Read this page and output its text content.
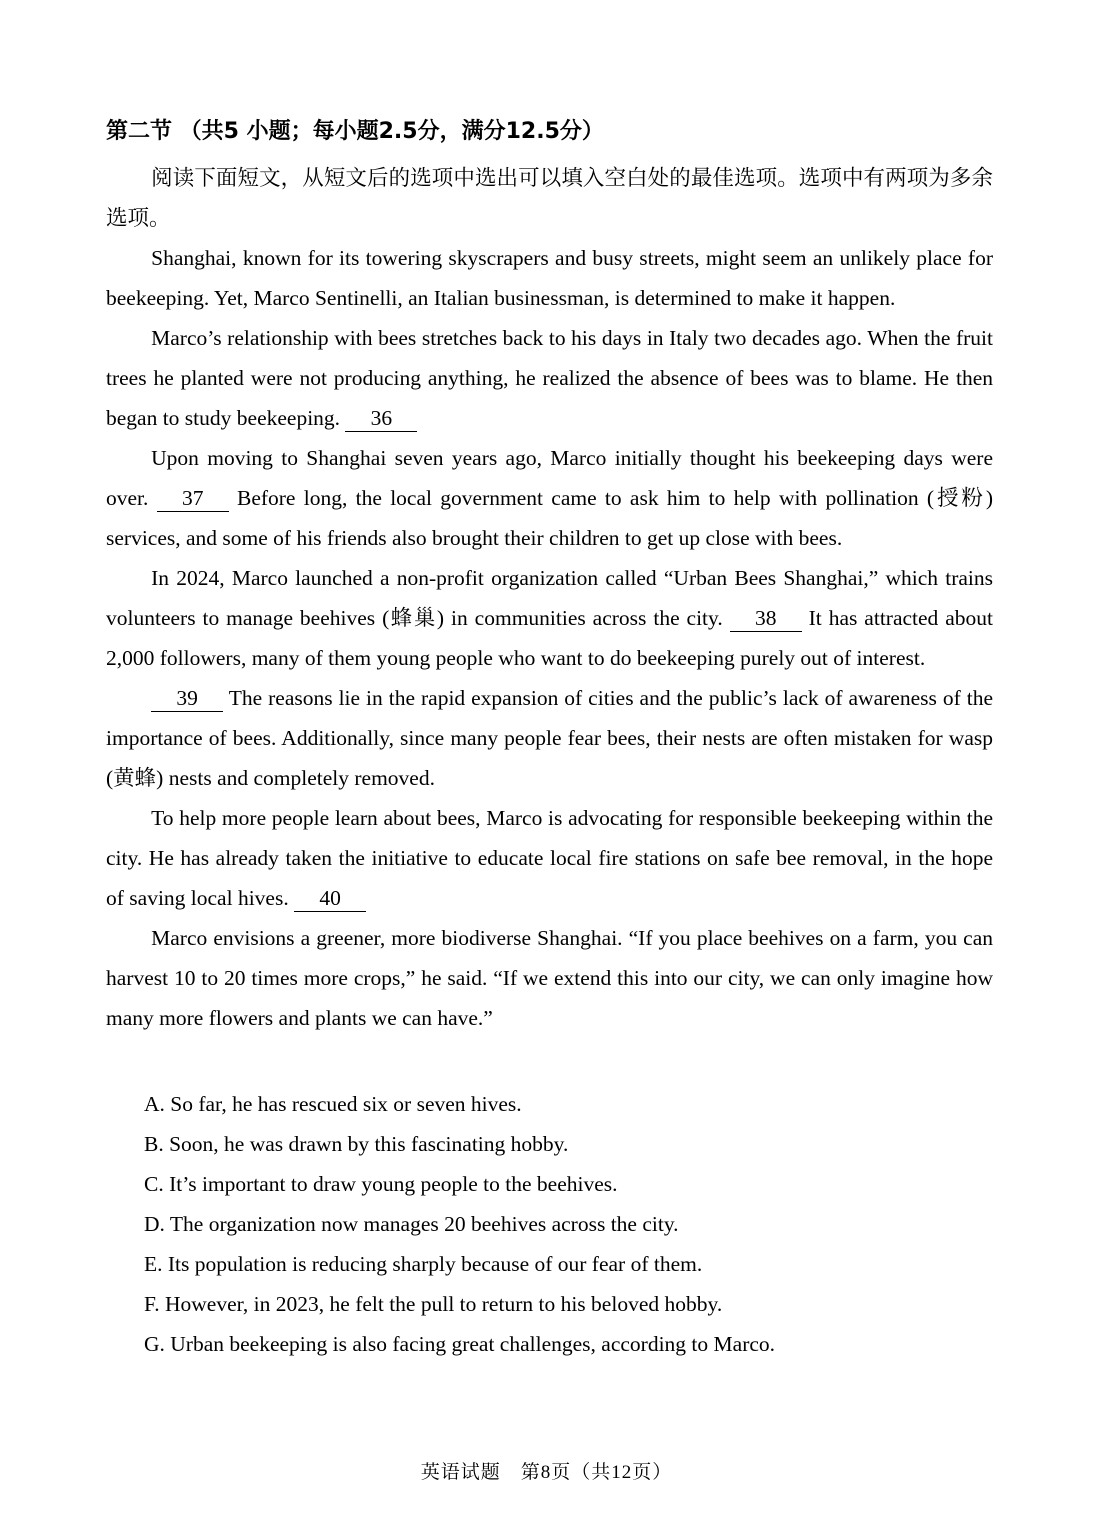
第二节 （共5 小题；每小题2.5分，满分12.5分）

阅读下面短文，从短文后的选项中选出可以填入空白处的最佳选项。选项中有两项为多余选项。

Shanghai, known for its towering skyscrapers and busy streets, might seem an unlikely place for beekeeping. Yet, Marco Sentinelli, an Italian businessman, is determined to make it happen.

Marco’s relationship with bees stretches back to his days in Italy two decades ago. When the fruit trees he planted were not producing anything, he realized the absence of bees was to blame. He then began to study beekeeping. 36

Upon moving to Shanghai seven years ago, Marco initially thought his beekeeping days were over. 37 Before long, the local government came to ask him to help with pollination (授粉) services, and some of his friends also brought their children to get up close with bees.

In 2024, Marco launched a non-profit organization called “Urban Bees Shanghai,” which trains volunteers to manage beehives (蜂巢) in communities across the city. 38 It has attracted about 2,000 followers, many of them young people who want to do beekeeping purely out of interest.

39 The reasons lie in the rapid expansion of cities and the public’s lack of awareness of the importance of bees. Additionally, since many people fear bees, their nests are often mistaken for wasp (黄蜂) nests and completely removed.

To help more people learn about bees, Marco is advocating for responsible beekeeping within the city. He has already taken the initiative to educate local fire stations on safe bee removal, in the hope of saving local hives. 40

Marco envisions a greener, more biodiverse Shanghai. “If you place beehives on a farm, you can harvest 10 to 20 times more crops,” he said. “If we extend this into our city, we can only imagine how many more flowers and plants we can have.”

A. So far, he has rescued six or seven hives.

B. Soon, he was drawn by this fascinating hobby.

C. It’s important to draw young people to the beehives.

D. The organization now manages 20 beehives across the city.

E. Its population is reducing sharply because of our fear of them.

F. However, in 2023, he felt the pull to return to his beloved hobby.

G. Urban beekeeping is also facing great challenges, according to Marco.

英语试题　第8页（共12页）
